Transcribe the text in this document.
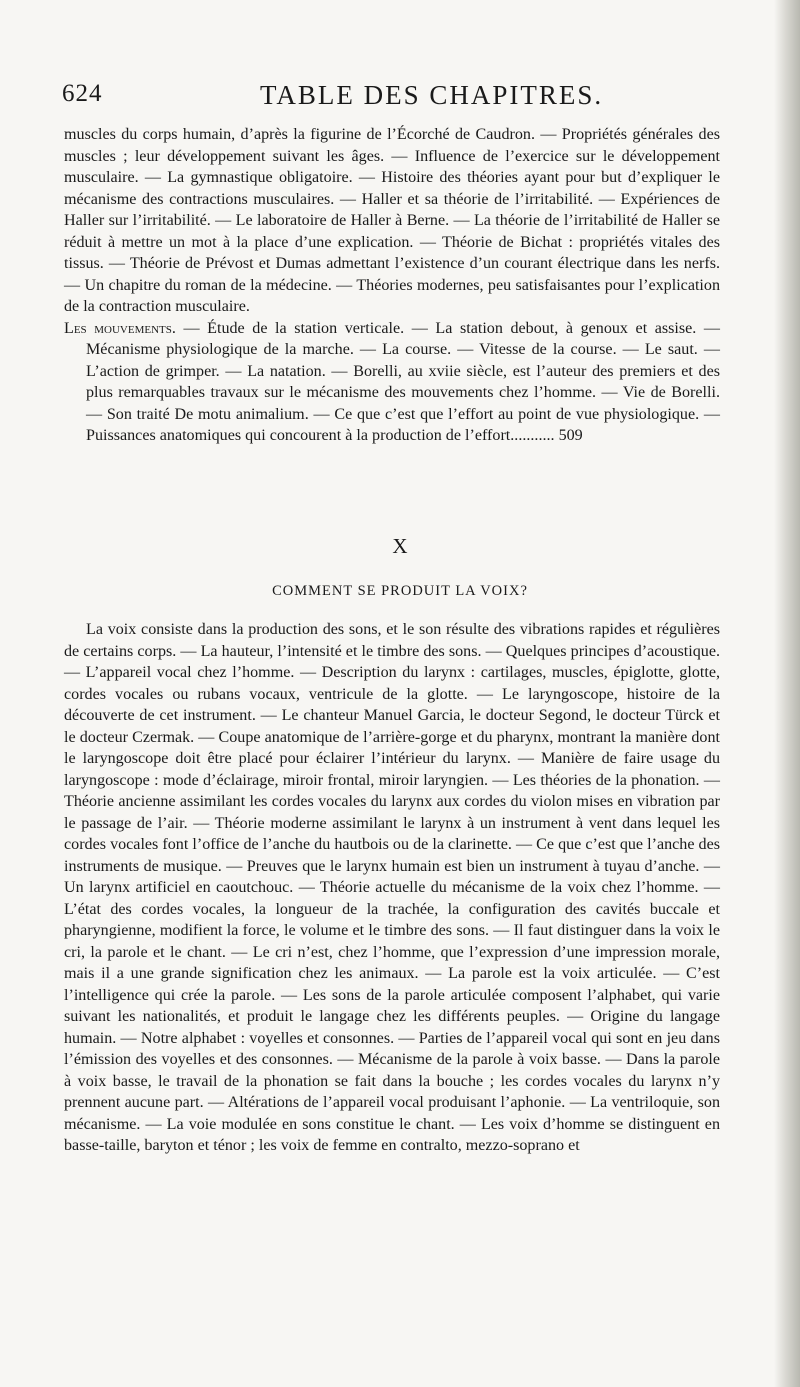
624	TABLE DES CHAPITRES.

muscles du corps humain, d’après la figurine de l’Écorché de Caudron. — Propriétés générales des muscles ; leur développement suivant les âges. — Influence de l’exercice sur le développement musculaire. — La gymnastique obligatoire. — Histoire des théories ayant pour but d’expliquer le mécanisme des contractions musculaires. — Haller et sa théorie de l’irritabilité. — Expériences de Haller sur l’irritabilité. — Le laboratoire de Haller à Berne. — La théorie de l’irritabilité de Haller se réduit à mettre un mot à la place d’une explication. — Théorie de Bichat : propriétés vitales des tissus. — Théorie de Prévost et Dumas admettant l’existence d’un courant électrique dans les nerfs. — Un chapitre du roman de la médecine. — Théories modernes, peu satisfaisantes pour l’explication de la contraction musculaire.

Les mouvements. — Étude de la station verticale. — La station debout, à genoux et assise. — Mécanisme physiologique de la marche. — La course. — Vitesse de la course. — Le saut. — L’action de grimper. — La natation. — Borelli, au xviie siècle, est l’auteur des premiers et des plus remarquables travaux sur le mécanisme des mouvements chez l’homme. — Vie de Borelli. — Son traité De motu animalium. — Ce que c’est que l’effort au point de vue physiologique. — Puissances anatomiques qui concourent à la production de l’effort........... 509

X
COMMENT SE PRODUIT LA VOIX?

La voix consiste dans la production des sons, et le son résulte des vibrations rapides et régulières de certains corps. — La hauteur, l’intensité et le timbre des sons. — Quelques principes d’acoustique. — L’appareil vocal chez l’homme. — Description du larynx : cartilages, muscles, épiglotte, glotte, cordes vocales ou rubans vocaux, ventricule de la glotte. — Le laryngoscope, histoire de la découverte de cet instrument. — Le chanteur Manuel Garcia, le docteur Segond, le docteur Türck et le docteur Czermak. — Coupe anatomique de l’arrière-gorge et du pharynx, montrant la manière dont le laryngoscope doit être placé pour éclairer l’intérieur du larynx. — Manière de faire usage du laryngoscope : mode d’éclairage, miroir frontal, miroir laryngien. — Les théories de la phonation. — Théorie ancienne assimilant les cordes vocales du larynx aux cordes du violon mises en vibration par le passage de l’air. — Théorie moderne assimilant le larynx à un instrument à vent dans lequel les cordes vocales font l’office de l’anche du hautbois ou de la clarinette. — Ce que c’est que l’anche des instruments de musique. — Preuves que le larynx humain est bien un instrument à tuyau d’anche. — Un larynx artificiel en caoutchouc. — Théorie actuelle du mécanisme de la voix chez l’homme. — L’état des cordes vocales, la longueur de la trachée, la configuration des cavités buccale et pharyngienne, modifient la force, le volume et le timbre des sons. — Il faut distinguer dans la voix le cri, la parole et le chant. — Le cri n’est, chez l’homme, que l’expression d’une impression morale, mais il a une grande signification chez les animaux. — La parole est la voix articulée. — C’est l’intelligence qui crée la parole. — Les sons de la parole articulée composent l’alphabet, qui varie suivant les nationalités, et produit le langage chez les différents peuples. — Origine du langage humain. — Notre alphabet : voyelles et consonnes. — Parties de l’appareil vocal qui sont en jeu dans l’émission des voyelles et des consonnes. — Mécanisme de la parole à voix basse. — Dans la parole à voix basse, le travail de la phonation se fait dans la bouche ; les cordes vocales du larynx n’y prennent aucune part. — Altérations de l’appareil vocal produisant l’aphonie. — La ventriloquie, son mécanisme. — La voie modulée en sons constitue le chant. — Les voix d’homme se distinguent en basse-taille, baryton et ténor ; les voix de femme en contralto, mezzo-soprano et
